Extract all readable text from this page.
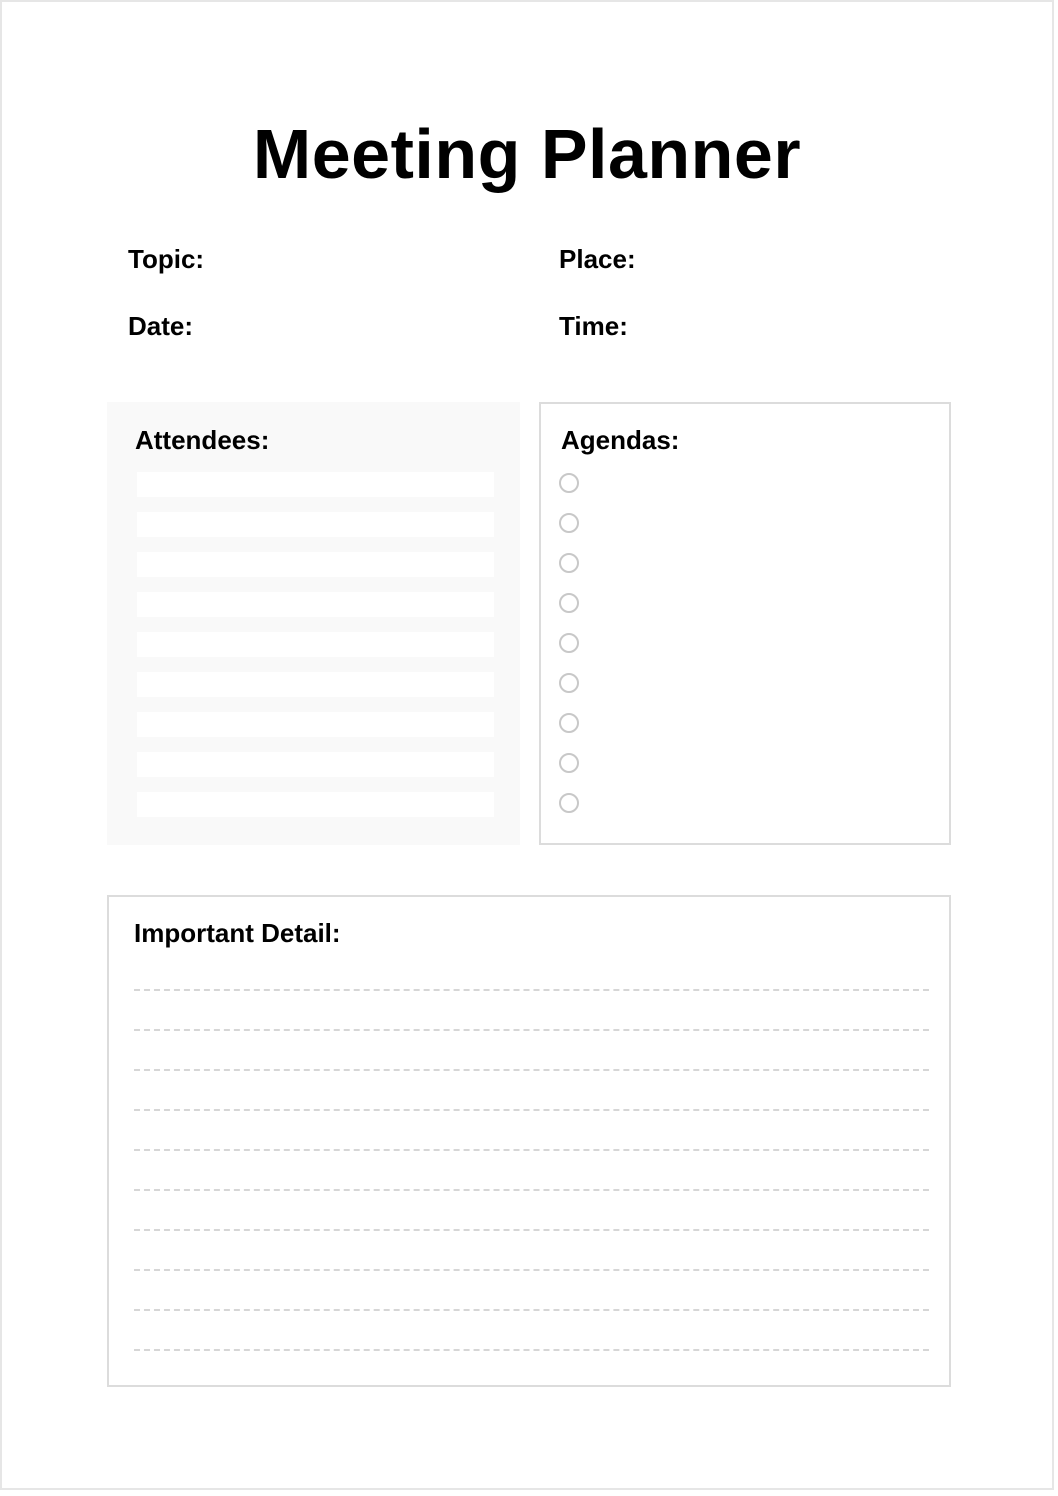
Meeting Planner
Topic:	Place:
Date:	Time:
Attendees:	Agendas:
Important Detail:
